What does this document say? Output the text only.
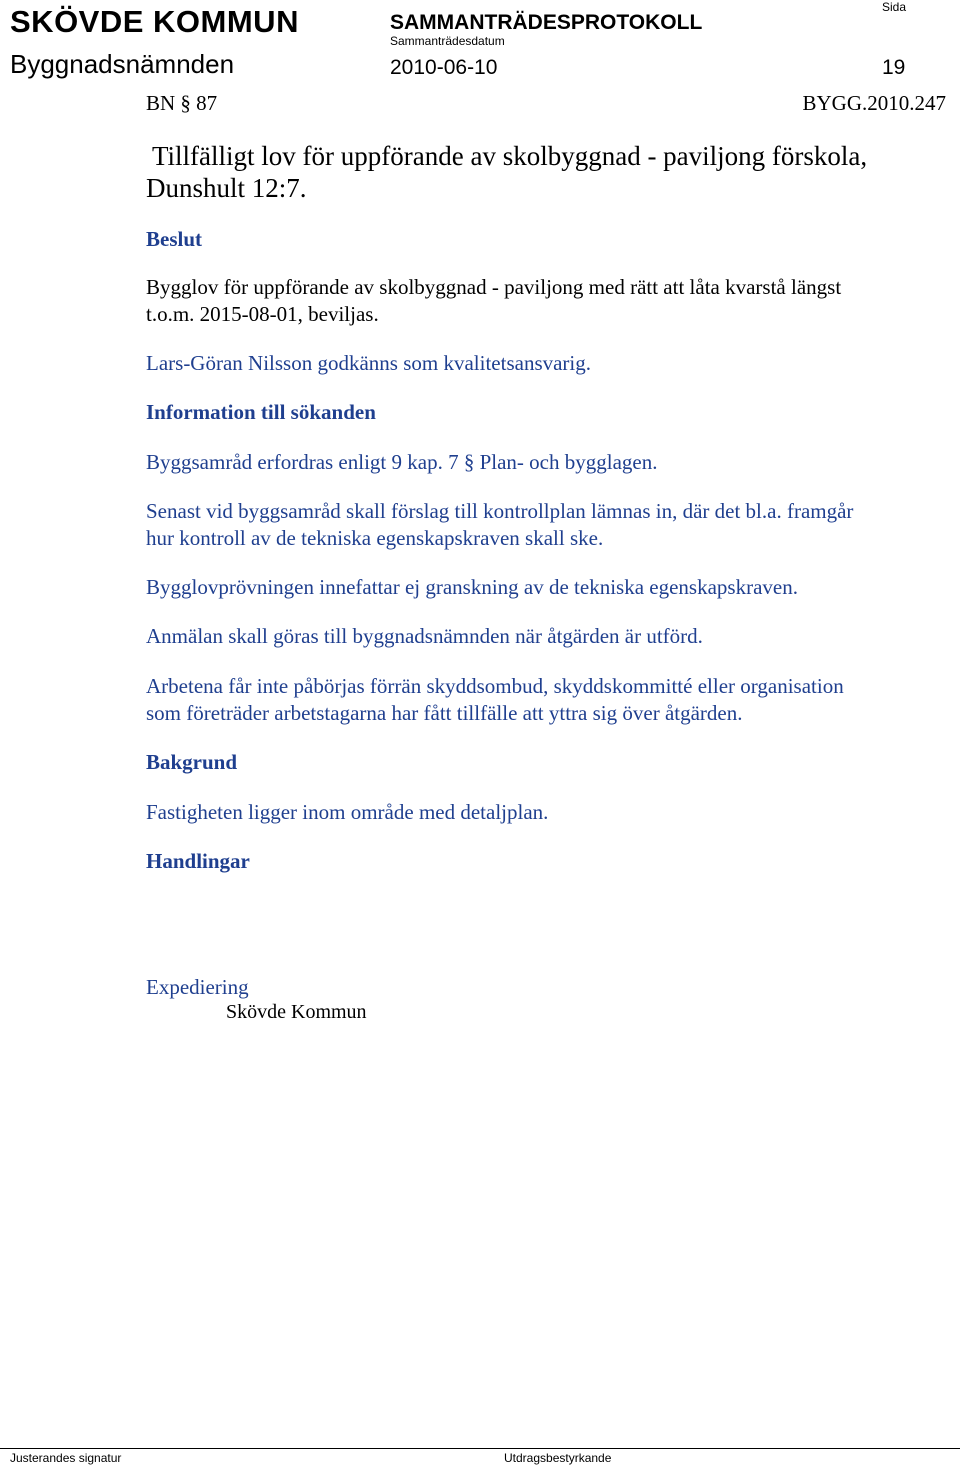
SKÖVDE KOMMUN	SAMMANTRÄDESPROTOKOLL
Sammanträdesdatum
Sida
Byggnadsnämnden	2010-06-10	19
BN § 87	BYGG.2010.247
Tillfälligt lov för uppförande av skolbyggnad - paviljong förskola,
Dunshult 12:7.
Beslut
Bygglov för uppförande av skolbyggnad - paviljong med rätt att låta kvarstå längst
t.o.m. 2015-08-01, beviljas.
Lars-Göran Nilsson godkänns som kvalitetsansvarig.
Information till sökanden
Byggsamråd erfordras enligt 9 kap. 7 § Plan- och bygglagen.
Senast vid byggsamråd skall förslag till kontrollplan lämnas in, där det bl.a. framgår
hur kontroll av de tekniska egenskapskraven skall ske.
Bygglovprövningen innefattar ej granskning av de tekniska egenskapskraven.
Anmälan skall göras till byggnadsnämnden när åtgärden är utförd.
Arbetena får inte påbörjas förrän skyddsombud, skyddskommitté eller organisation
som företräder arbetstagarna har fått tillfälle att yttra sig över åtgärden.
Bakgrund
Fastigheten ligger inom område med detaljplan.
Handlingar
Expediering
Skövde Kommun
Justerandes signatur	Utdragsbestyrkande
